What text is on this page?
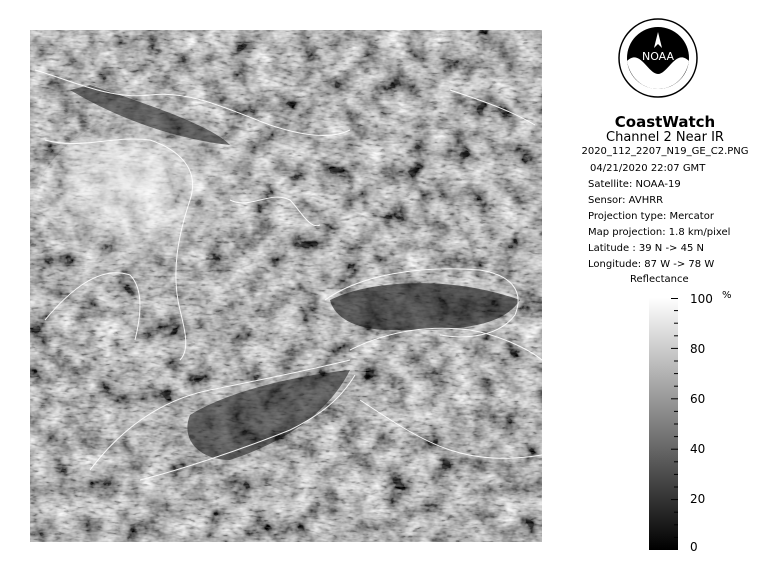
NOAA
CoastWatch
Channel 2 Near IR
2020_112_2207_N19_GE_C2.PNG
04/21/2020 22:07 GMT
Satellite: NOAA-19
Sensor: AVHRR
Projection type: Mercator
Map projection: 1.8 km/pixel
Latitude : 39 N -> 45 N
Longitude: 87 W -> 78 W
Reflectance
100
80
60
40
20
0
%
